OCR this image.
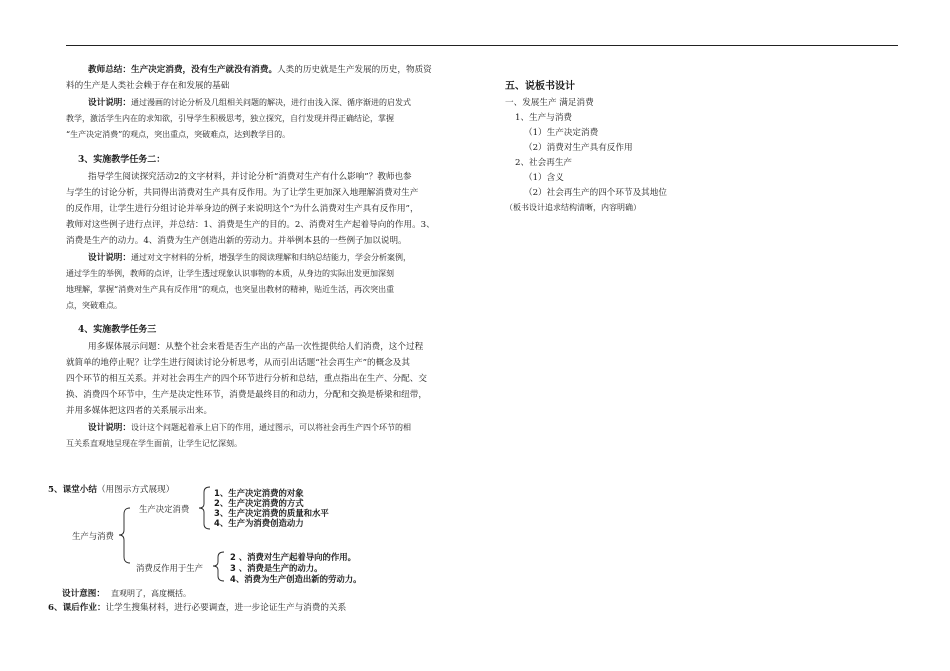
教师总结：生产决定消费，没有生产就没有消费。人类的历史就是生产发展的历史，物质资
料的生产是人类社会赖于存在和发展的基础
设计说明：通过漫画的讨论分析及几组相关问题的解决，进行由浅入深、循序渐进的启发式
教学，激活学生内在的求知欲，引导学生积极思考，独立探究，自行发现并得正确结论，掌握
“生产决定消费”的观点，突出重点，突破难点，达到教学目的。
3、实施教学任务二：
指导学生阅读探究活动2的文字材料，并讨论分析“消费对生产有什么影响”？教师也参
与学生的讨论分析，共同得出消费对生产具有反作用。为了让学生更加深入地理解消费对生产
的反作用，让学生进行分组讨论并举身边的例子来说明这个“为什么消费对生产具有反作用”，
教师对这些例子进行点评，并总结：1、消费是生产的目的。2、消费对生产起着导向的作用。3、
消费是生产的动力。4、消费为生产创造出新的劳动力。并举例本县的一些例子加以说明。
设计说明：通过对文字材料的分析，增强学生的阅读理解和归纳总结能力，学会分析案例，
通过学生的举例，教师的点评，让学生透过现象认识事物的本质，从身边的实际出发更加深刻
地理解，掌握“消费对生产具有反作用”的观点，也突显出教材的精神，贴近生活，再次突出重
点，突破难点。
4、实施教学任务三
用多媒体展示问题：从整个社会来看是否生产出的产品一次性提供给人们消费，这个过程
就简单的地停止呢？让学生进行阅读讨论分析思考，从而引出话题“社会再生产”的概念及其
四个环节的相互关系。并对社会再生产的四个环节进行分析和总结，重点指出在生产、分配、交
换、消费四个环节中，生产是决定性环节，消费是最终目的和动力，分配和交换是桥梁和纽带，
并用多媒体把这四者的关系展示出来。
设计说明：设计这个问题起着承上启下的作用，通过图示，可以将社会再生产四个环节的相
互关系直观地呈现在学生面前，让学生记忆深刻。
5、课堂小结（用图示方式展现）
生产与消费
生产决定消费
1、生产决定消费的对象
2、生产决定消费的方式
3、生产决定消费的质量和水平
4、生产为消费创造动力
消费反作用于生产
2 、消费对生产起着导向的作用。
3 、消费是生产的动力。
4、消费为生产创造出新的劳动力。
设计意图： 直观明了，高度概括。
6、课后作业：让学生搜集材料，进行必要调查，进一步论证生产与消费的关系
五、说板书设计
一、发展生产 满足消费
1、生产与消费
（1）生产决定消费
（2）消费对生产具有反作用
2、社会再生产
（1）含义
（2）社会再生产的四个环节及其地位
（板书设计追求结构清晰，内容明确）
